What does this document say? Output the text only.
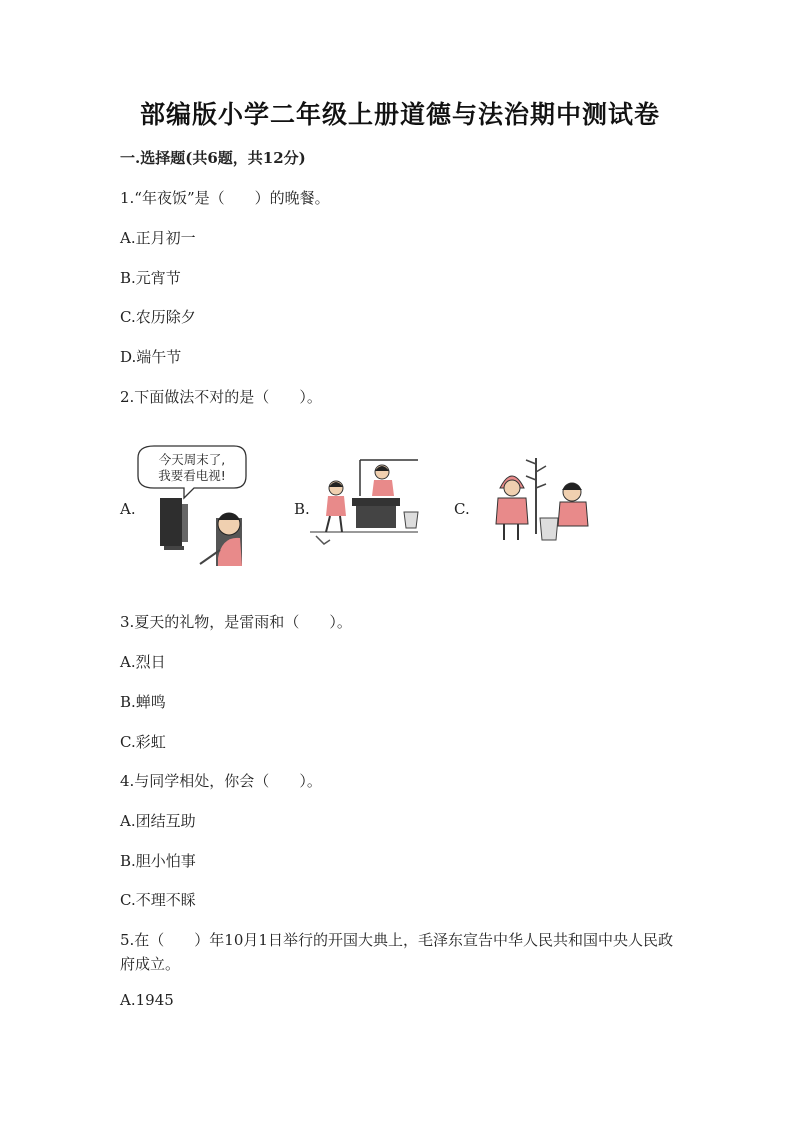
部编版小学二年级上册道德与法治期中测试卷
一.选择题(共6题，共12分)
1.“年夜饭”是（　　）的晚餐。
A.正月初一
B.元宵节
C.农历除夕
D.端午节
2.下面做法不对的是（　　）。
A.
今天周末了,
我要看电视!
B.	C.
3.夏天的礼物，是雷雨和（　　）。
A.烈日
B.蝉鸣
C.彩虹
4.与同学相处，你会（　　）。
A.团结互助
B.胆小怕事
C.不理不睬
5.在（　　）年10月1日举行的开国大典上，毛泽东宣告中华人民共和国中央人民政府成立。
A.1945
